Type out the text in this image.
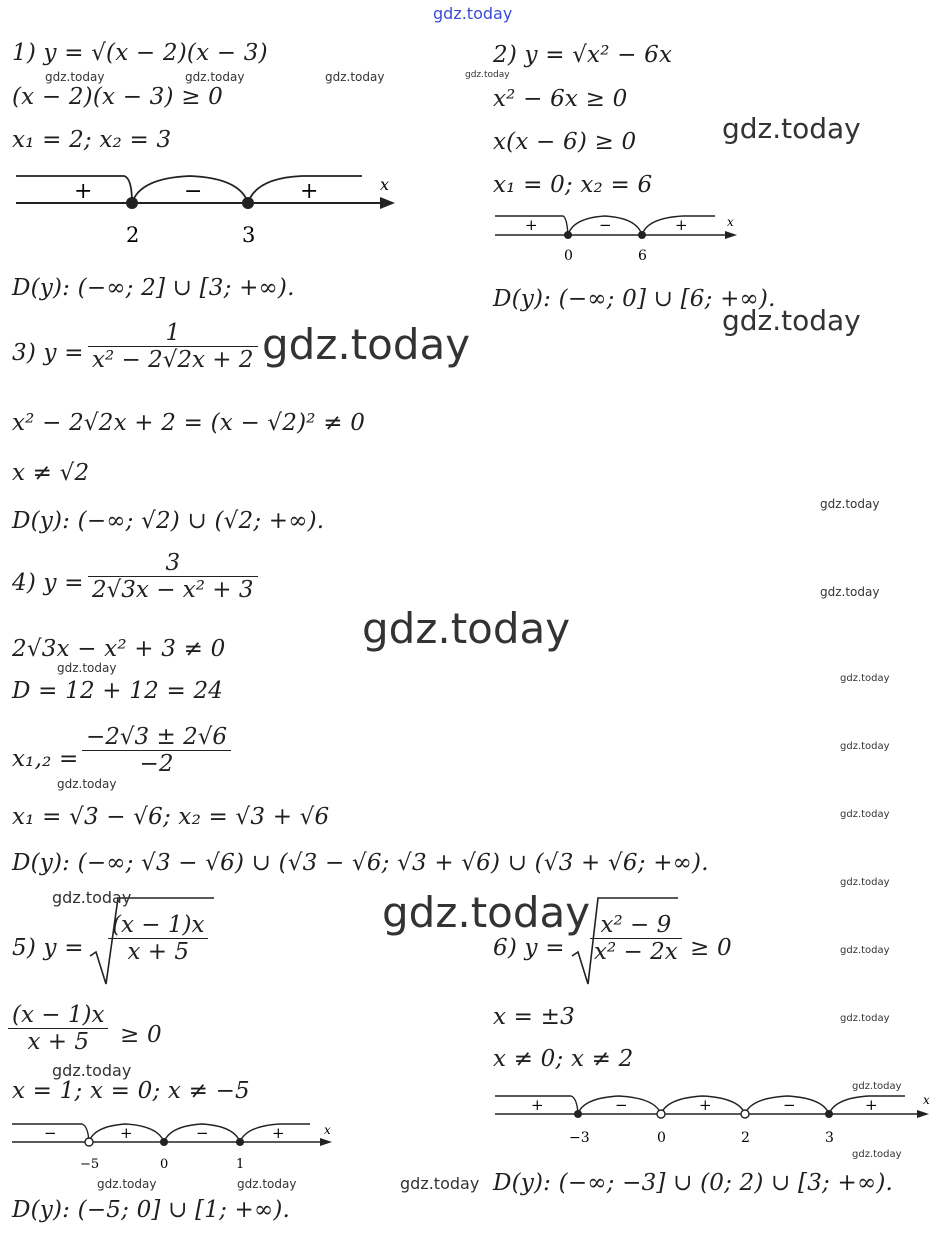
gdz.today
1) y = √(x − 2)(x − 3)
(x − 2)(x − 3) ≥ 0
x₁ = 2; x₂ = 3
+	−	+
2	3
x
D(y): (−∞; 2] ∪ [3; +∞).
2) y = √x² − 6x
x² − 6x ≥ 0
x(x − 6) ≥ 0
x₁ = 0; x₂ = 6
+	−	+
0	6
x
D(y): (−∞; 0] ∪ [6; +∞).
3) $y = \frac{1}{\text{x² − 2√2x + 2}}$
x² − 2√2x + 2 = (x − √2)² ≠ 0
x ≠ √2
D(y): (−∞; √2) ∪ (√2; +∞).
4) $y = \frac{3}{\text{2√3x − x² + 3}}$
2√3x − x² + 3 ≠ 0
D = 12 + 12 = 24
$x_1,_2 = \frac{-2√3 \pm 2√6}{-2}$
x₁ = √3 − √6; x₂ = √3 + √6
D(y): (−∞; √3 − √6) ∪ (√3 − √6; √3 + √6) ∪ (√3 + √6; +∞).
5) $y = \frac{(x - 1)x}{x + 5}$
$\frac{(x - 1)x}{x + 5} \ge 0$
x = 1; x = 0; x ≠ −5
−	+	−	+
−5	0	1
x
D(y): (−5; 0] ∪ [1; +∞).
6) $y = \frac{\text{x² − 9}}{\text{x² − 2x}} \ge 0$
x = ±3
x ≠ 0; x ≠ 2
+	−	+	−	+
−3	0	2	3
x
D(y): (−∞; −3] ∪ (0; 2) ∪ [3; +∞).
gdz.today	gdz.today	gdz.today	gdz.today
gdz.today
gdz.today
gdz.today
gdz.today
gdz.today
gdz.today
gdz.today
gdz.today
gdz.today
gdz.today
gdz.today
gdz.today
gdz.today	gdz.today
gdz.today
gdz.today
gdz.today
gdz.today
gdz.today
gdz.today	gdz.today	gdz.today
